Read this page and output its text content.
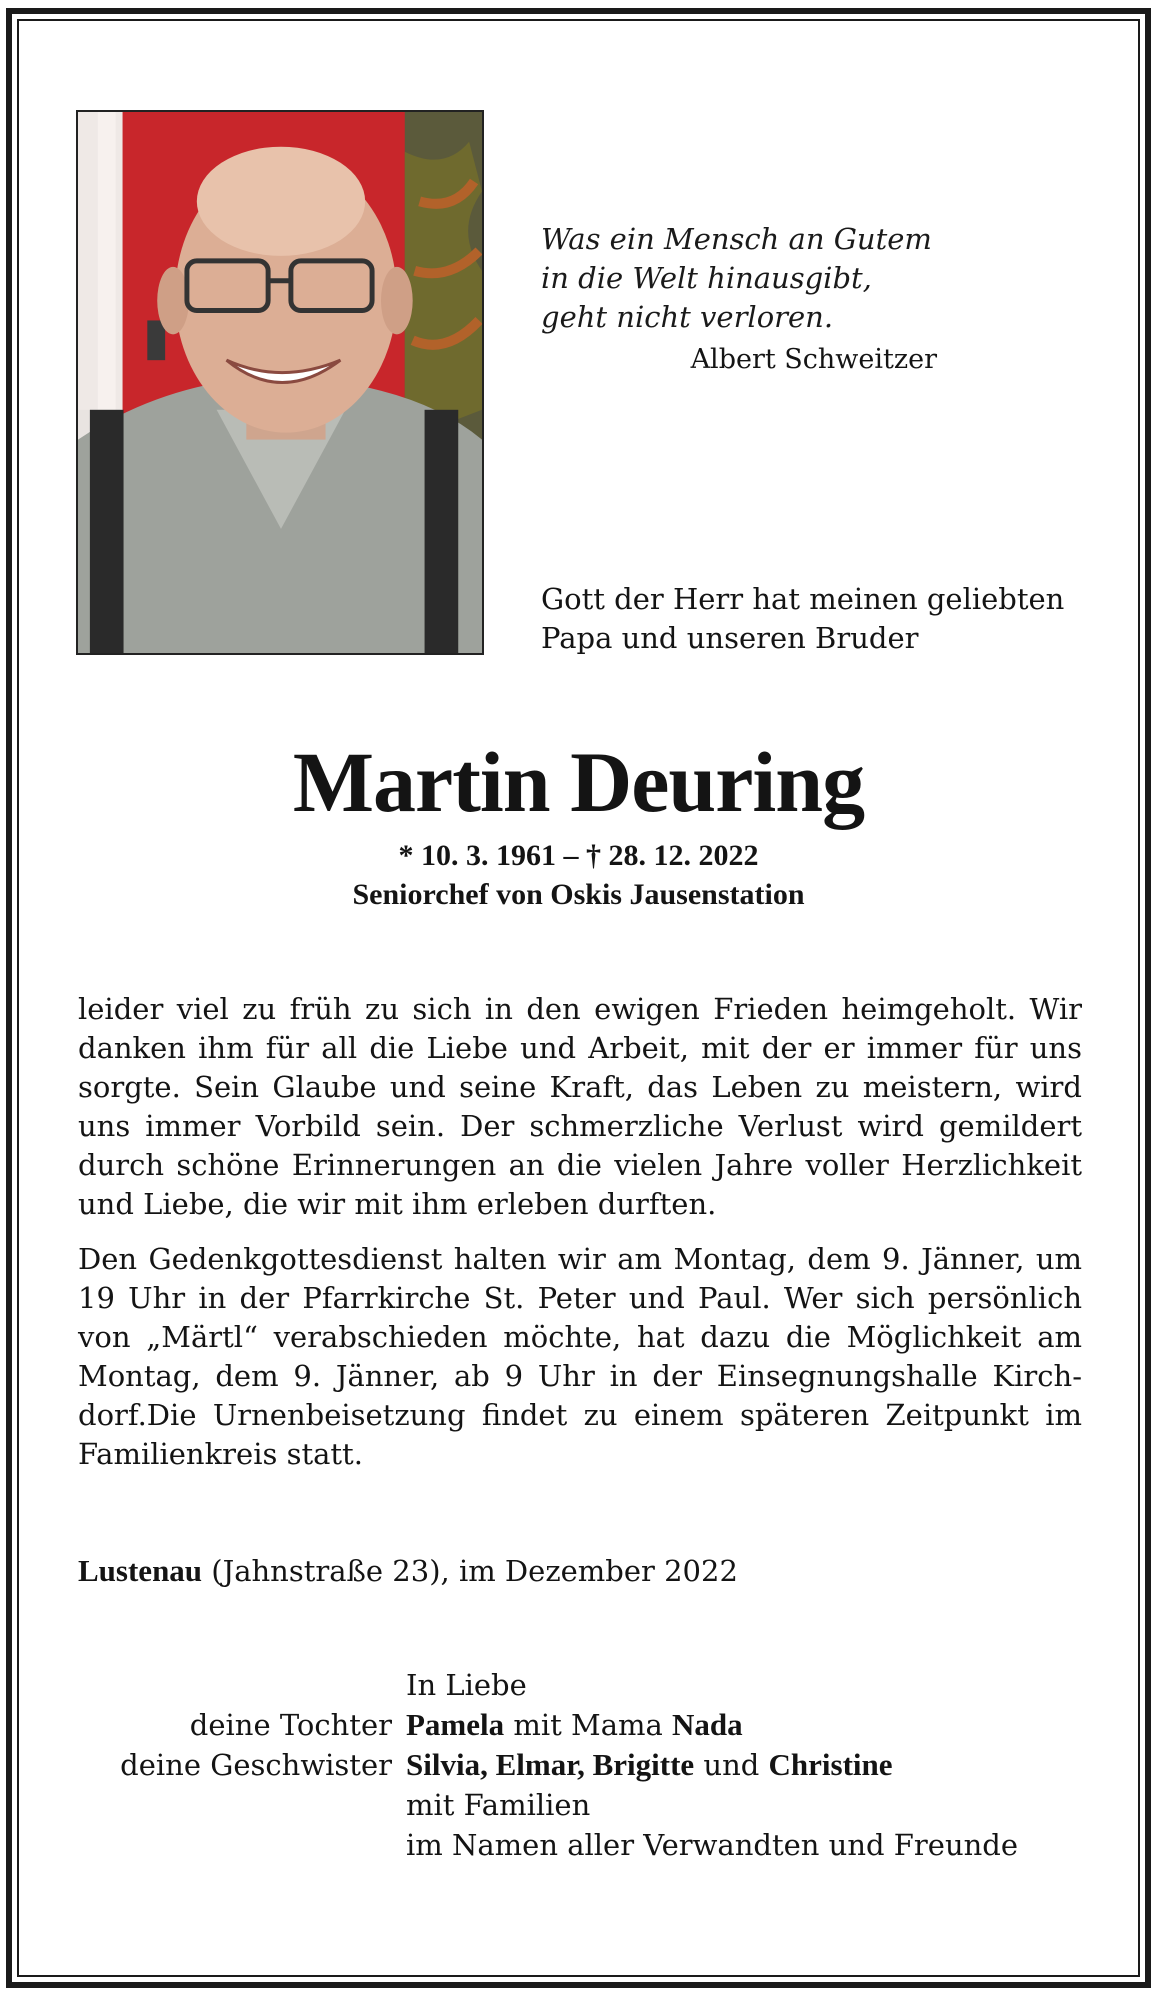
Was ein Mensch an Gutem
in die Welt hinausgibt,
geht nicht verloren.
Albert Schweitzer
Gott der Herr hat meinen geliebten
Papa und unseren Bruder
Martin Deuring
* 10. 3. 1961 – † 28. 12. 2022
Seniorchef von Oskis Jausenstation
leider viel zu früh zu sich in den ewigen Frieden heimgeholt. Wir
danken ihm für all die Liebe und Arbeit, mit der er immer für uns
sorgte. Sein Glaube und seine Kraft, das Leben zu meistern, wird
uns immer Vorbild sein. Der schmerzliche Verlust wird gemildert
durch schöne Erinnerungen an die vielen Jahre voller Herzlichkeit
und Liebe, die wir mit ihm erleben durften.
Den Gedenkgottesdienst halten wir am Montag, dem 9. Jänner, um
19 Uhr in der Pfarrkirche St. Peter und Paul. Wer sich persönlich
von „Märtl“ verabschieden möchte, hat dazu die Möglichkeit am
Montag, dem 9. Jänner, ab 9 Uhr in der Einsegnungshalle Kirch-
dorf.Die Urnenbeisetzung findet zu einem späteren Zeitpunkt im
Familienkreis statt.
Lustenau (Jahnstraße 23), im Dezember 2022
In Liebe
deine Tochter Pamela mit Mama Nada
deine Geschwister Silvia, Elmar, Brigitte und Christine
mit Familien
im Namen aller Verwandten und Freunde
